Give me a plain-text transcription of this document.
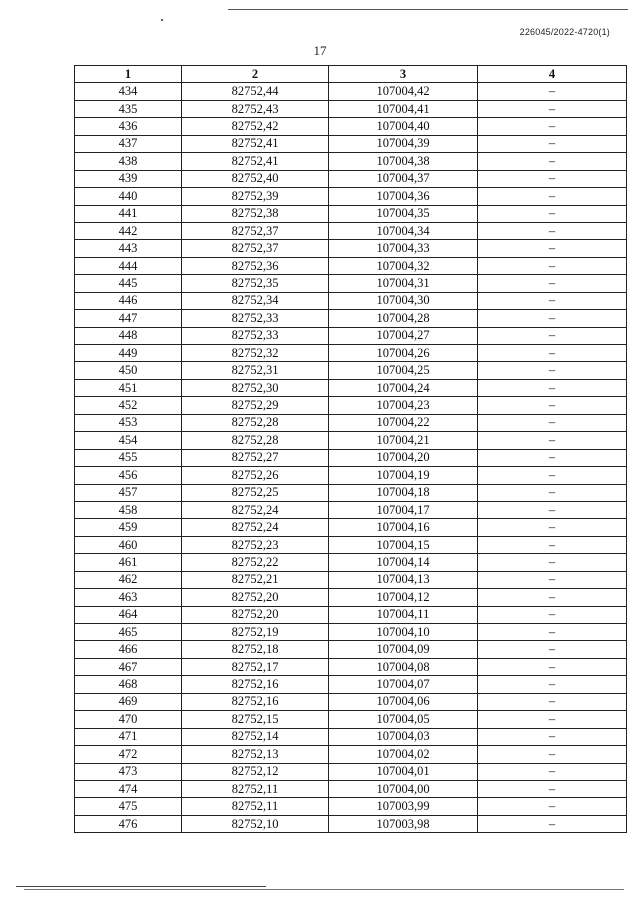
226045/2022-4720(1)
17
1	2	3	4
434	82752,44	107004,42	–
435	82752,43	107004,41	–
436	82752,42	107004,40	–
437	82752,41	107004,39	–
438	82752,41	107004,38	–
439	82752,40	107004,37	–
440	82752,39	107004,36	–
441	82752,38	107004,35	–
442	82752,37	107004,34	–
443	82752,37	107004,33	–
444	82752,36	107004,32	–
445	82752,35	107004,31	–
446	82752,34	107004,30	–
447	82752,33	107004,28	–
448	82752,33	107004,27	–
449	82752,32	107004,26	–
450	82752,31	107004,25	–
451	82752,30	107004,24	–
452	82752,29	107004,23	–
453	82752,28	107004,22	–
454	82752,28	107004,21	–
455	82752,27	107004,20	–
456	82752,26	107004,19	–
457	82752,25	107004,18	–
458	82752,24	107004,17	–
459	82752,24	107004,16	–
460	82752,23	107004,15	–
461	82752,22	107004,14	–
462	82752,21	107004,13	–
463	82752,20	107004,12	–
464	82752,20	107004,11	–
465	82752,19	107004,10	–
466	82752,18	107004,09	–
467	82752,17	107004,08	–
468	82752,16	107004,07	–
469	82752,16	107004,06	–
470	82752,15	107004,05	–
471	82752,14	107004,03	–
472	82752,13	107004,02	–
473	82752,12	107004,01	–
474	82752,11	107004,00	–
475	82752,11	107003,99	–
476	82752,10	107003,98	–
